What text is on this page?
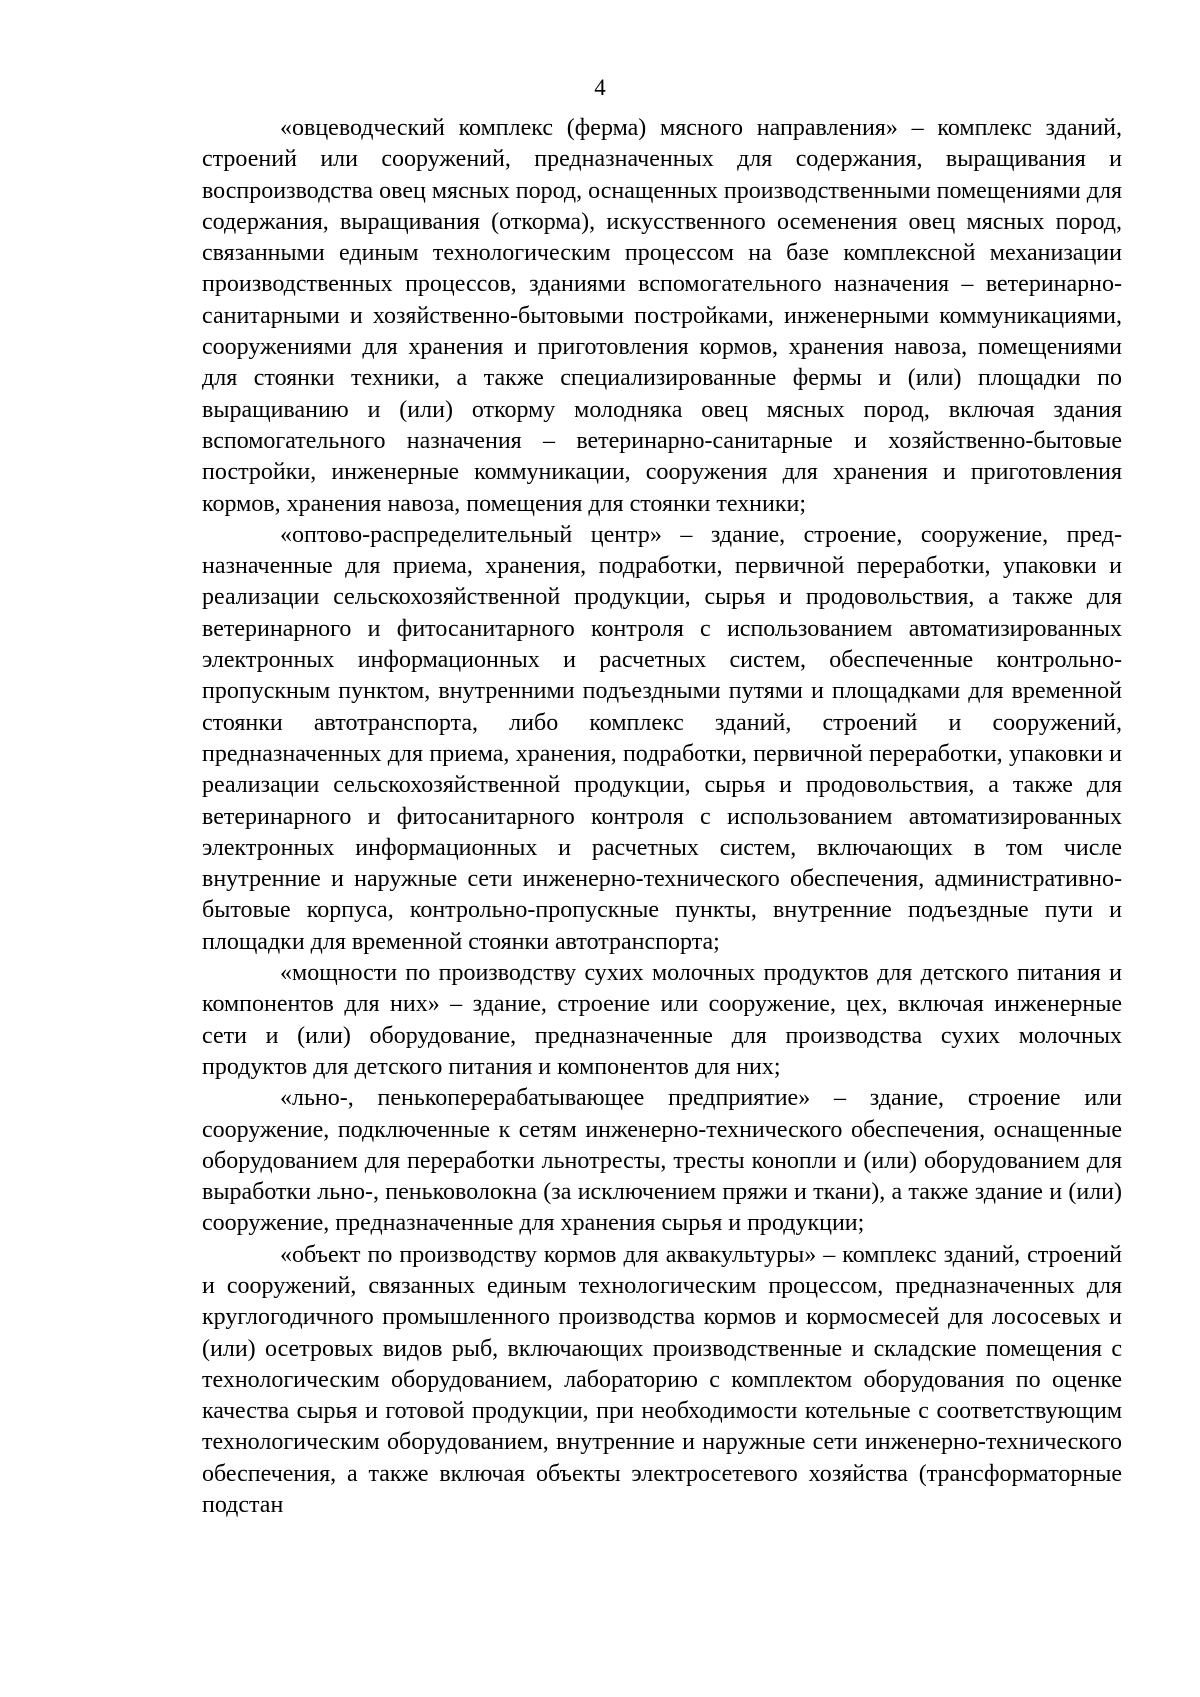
4

«овцеводческий комплекс (ферма) мясного направления» – комплекс зданий, строений или сооружений, предназначенных для содержания, выращивания и воспроизводства овец мясных пород, оснащенных производственными помещениями для содержания, выращивания (откорма), искусственного осеменения овец мясных пород, связанными единым технологическим процессом на базе комплексной механизации производственных процессов, зданиями вспомогательного назначения – ветеринарно-санитарными и хозяйственно-бытовыми постройками, инженерными коммуникациями, сооружениями для хранения и приготовления кормов, хранения навоза, помещениями для стоянки техники, а также специализированные фермы и (или) площадки по выращиванию и (или) откорму молодняка овец мясных пород, включая здания вспомогательного назначения – ветеринарно-санитарные и хозяйственно-бытовые постройки, инженерные коммуникации, сооружения для хранения и приготовления кормов, хранения навоза, помещения для стоянки техники;

«оптово-распределительный центр» – здание, строение, сооружение, предназначенные для приема, хранения, подработки, первичной переработки, упаковки и реализации сельскохозяйственной продукции, сырья и продовольствия, а также для ветеринарного и фитосанитарного контроля с использованием автоматизированных электронных информационных и расчетных систем, обеспеченные контрольно-пропускным пунктом, внутренними подъездными путями и площадками для временной стоянки автотранспорта, либо комплекс зданий, строений и сооружений, предназначенных для приема, хранения, подработки, первичной переработки, упаковки и реализации сельскохозяйственной продукции, сырья и продовольствия, а также для ветеринарного и фитосанитарного контроля с использованием автоматизированных электронных информационных и расчетных систем, включающих в том числе внутренние и наружные сети инженерно-технического обеспечения, административно-бытовые корпуса, контрольно-пропускные пункты, внутренние подъездные пути и площадки для временной стоянки автотранспорта;

«мощности по производству сухих молочных продуктов для детского питания и компонентов для них» – здание, строение или сооружение, цех, включая инженерные сети и (или) оборудование, предназначенные для производства сухих молочных продуктов для детского питания и компонентов для них;

«льно-, пенькоперерабатывающее предприятие» – здание, строение или сооружение, подключенные к сетям инженерно-технического обеспечения, оснащенные оборудованием для переработки льнотресты, тресты конопли и (или) оборудованием для выработки льно-, пеньковолокна (за исключением пряжи и ткани), а также здание и (или) сооружение, предназначенные для хранения сырья и продукции;

«объект по производству кормов для аквакультуры» – комплекс зданий, строений и сооружений, связанных единым технологическим процессом, предназначенных для круглогодичного промышленного производства кормов и кормосмесей для лососевых и (или) осетровых видов рыб, включающих производственные и складские помещения с технологическим оборудованием, лабораторию с комплектом оборудования по оценке качества сырья и готовой продукции, при необходимости котельные с соответствующим технологическим оборудованием, внутренние и наружные сети инженерно-технического обеспечения, а также включая объекты электросетевого хозяйства (трансформаторные подстан
